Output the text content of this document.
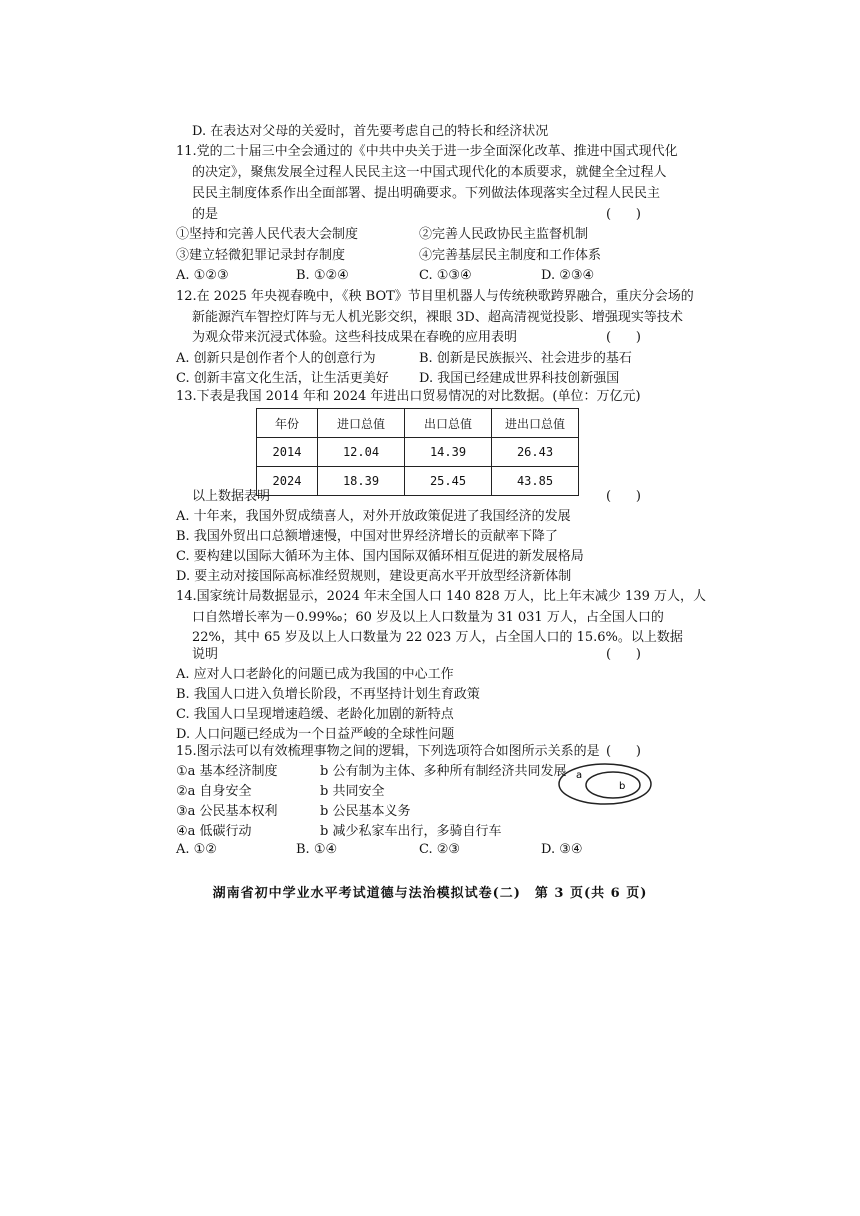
D. 在表达对父母的关爱时，首先要考虑自己的特长和经济状况
11.党的二十届三中全会通过的《中共中央关于进一步全面深化改革、推进中国式现代化
的决定》，聚焦发展全过程人民民主这一中国式现代化的本质要求，就健全全过程人
民民主制度体系作出全面部署、提出明确要求。下列做法体现落实全过程人民民主
的是	(      )
①坚持和完善人民代表大会制度	②完善人民政协民主监督机制
③建立轻微犯罪记录封存制度	④完善基层民主制度和工作体系
A. ①②③	B. ①②④	C. ①③④	D. ②③④
12.在 2025 年央视春晚中，《秧 BOT》节目里机器人与传统秧歌跨界融合，重庆分会场的
新能源汽车智控灯阵与无人机光影交织，裸眼 3D、超高清视觉投影、增强现实等技术
为观众带来沉浸式体验。这些科技成果在春晚的应用表明	(      )
A. 创新只是创作者个人的创意行为	B. 创新是民族振兴、社会进步的基石
C. 创新丰富文化生活，让生活更美好 D. 我国已经建成世界科技创新强国
13.下表是我国 2014 年和 2024 年进出口贸易情况的对比数据。(单位：万亿元)
年份	进口总值	出口总值	进出口总值
2014	12.04	14.39	26.43
2024	18.39	25.45	43.85
以上数据表明	(      )
A. 十年来，我国外贸成绩喜人，对外开放政策促进了我国经济的发展
B. 我国外贸出口总额增速慢，中国对世界经济增长的贡献率下降了
C. 要构建以国际大循环为主体、国内国际双循环相互促进的新发展格局
D. 要主动对接国际高标准经贸规则，建设更高水平开放型经济新体制
14.国家统计局数据显示，2024 年末全国人口 140 828 万人，比上年末减少 139 万人，人
口自然增长率为－0.99‰；60 岁及以上人口数量为 31 031 万人，占全国人口的
22%，其中 65 岁及以上人口数量为 22 023 万人，占全国人口的 15.6%。以上数据
说明	(      )
A. 应对人口老龄化的问题已成为我国的中心工作
B. 我国人口进入负增长阶段，不再坚持计划生育政策
C. 我国人口呈现增速趋缓、老龄化加剧的新特点
D. 人口问题已经成为一个日益严峻的全球性问题
15.图示法可以有效梳理事物之间的逻辑，下列选项符合如图所示关系的是 (      )
①a 基本经济制度	b 公有制为主体、多种所有制经济共同发展
②a 自身安全	b 共同安全
③a 公民基本权利	b 公民基本义务
④a 低碳行动	b 减少私家车出行，多骑自行车
a
b
A. ①②	B. ①④	C. ②③	D. ③④
湖南省初中学业水平考试道德与法治模拟试卷(二)　第 3 页(共 6 页)
